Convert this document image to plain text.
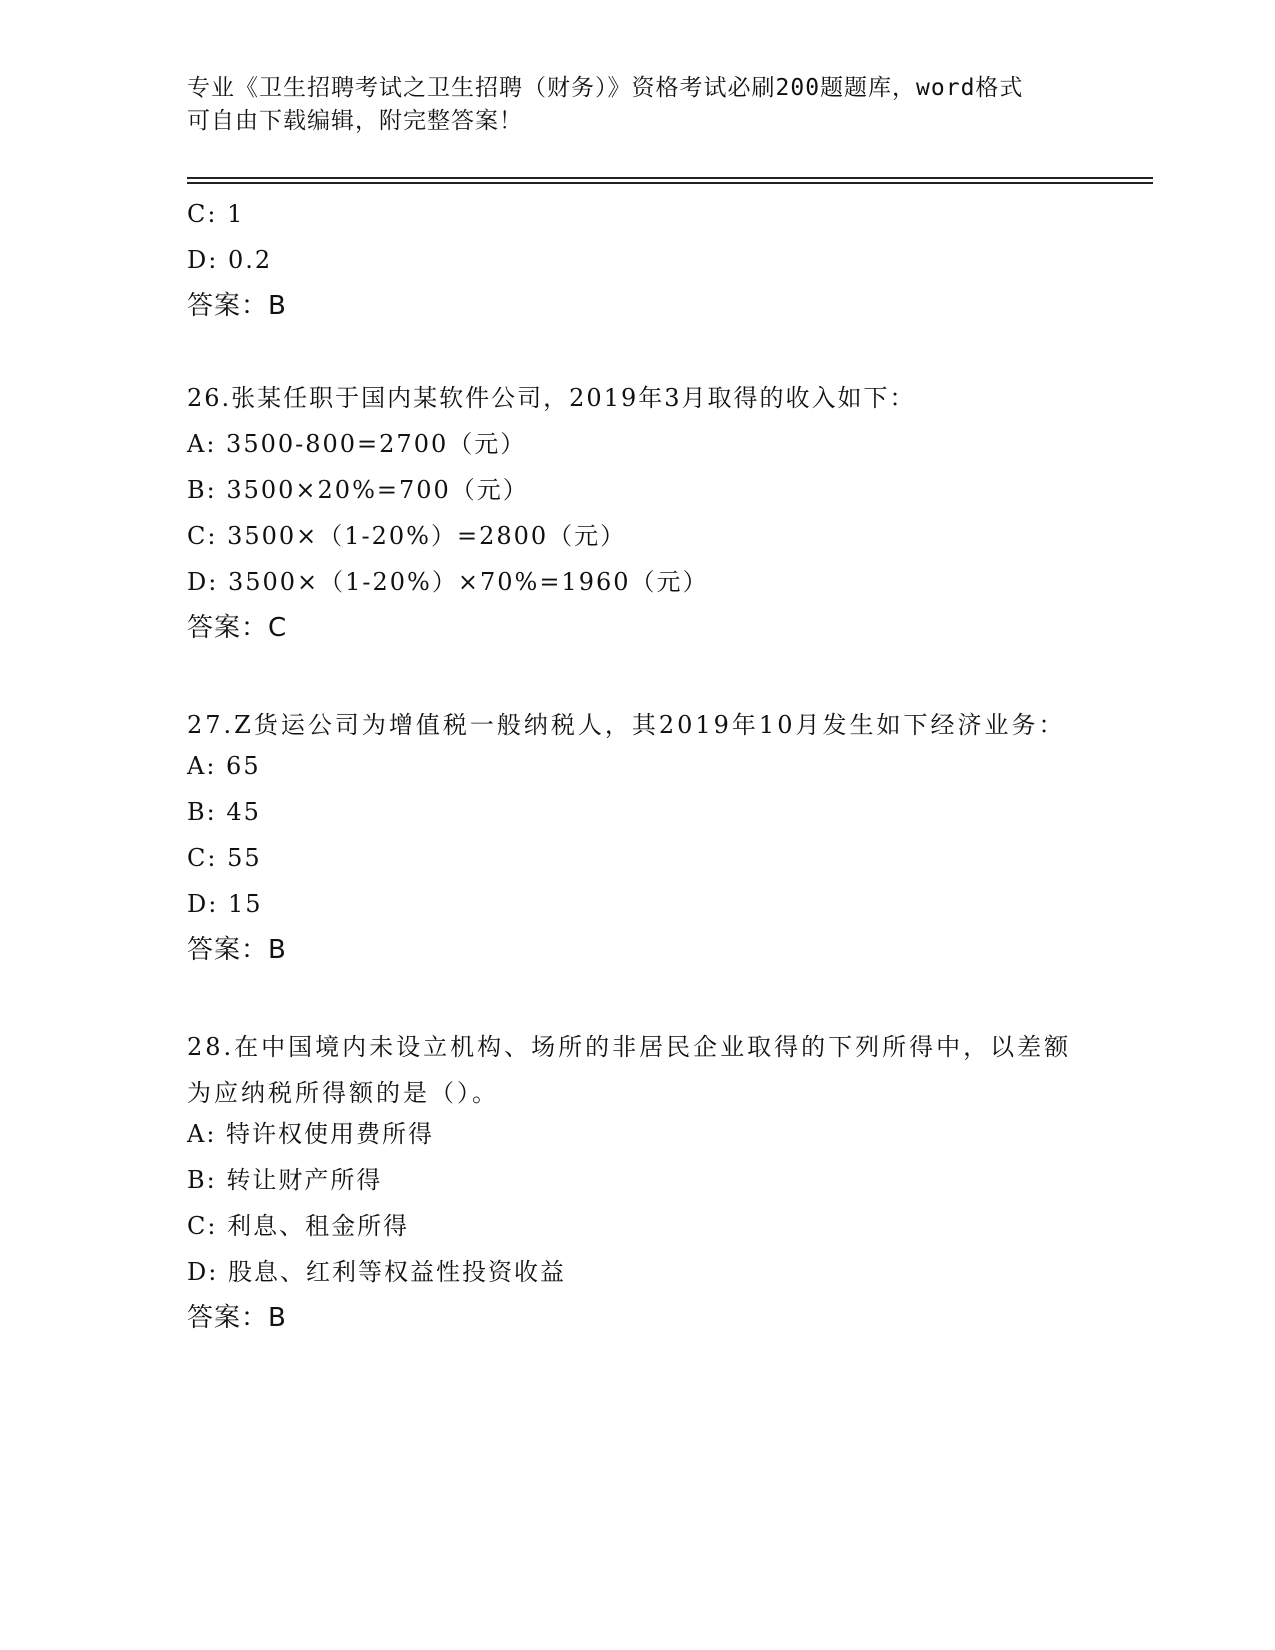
专业《卫生招聘考试之卫生招聘（财务）》资格考试必刷200题题库，word格式
可自由下载编辑，附完整答案！
C: 1
D: 0.2
答案：B
26.张某任职于国内某软件公司，2019年3月取得的收入如下：
A: 3500-800=2700（元）
B: 3500×20%=700（元）
C: 3500×（1-20%）=2800（元）
D: 3500×（1-20%）×70%=1960（元）
答案：C
27.Z货运公司为增值税一般纳税人，其2019年10月发生如下经济业务：
A: 65
B: 45
C: 55
D: 15
答案：B
28.在中国境内未设立机构、场所的非居民企业取得的下列所得中，以差额为应纳税所得额的是（）。
A: 特许权使用费所得
B: 转让财产所得
C: 利息、租金所得
D: 股息、红利等权益性投资收益
答案：B
